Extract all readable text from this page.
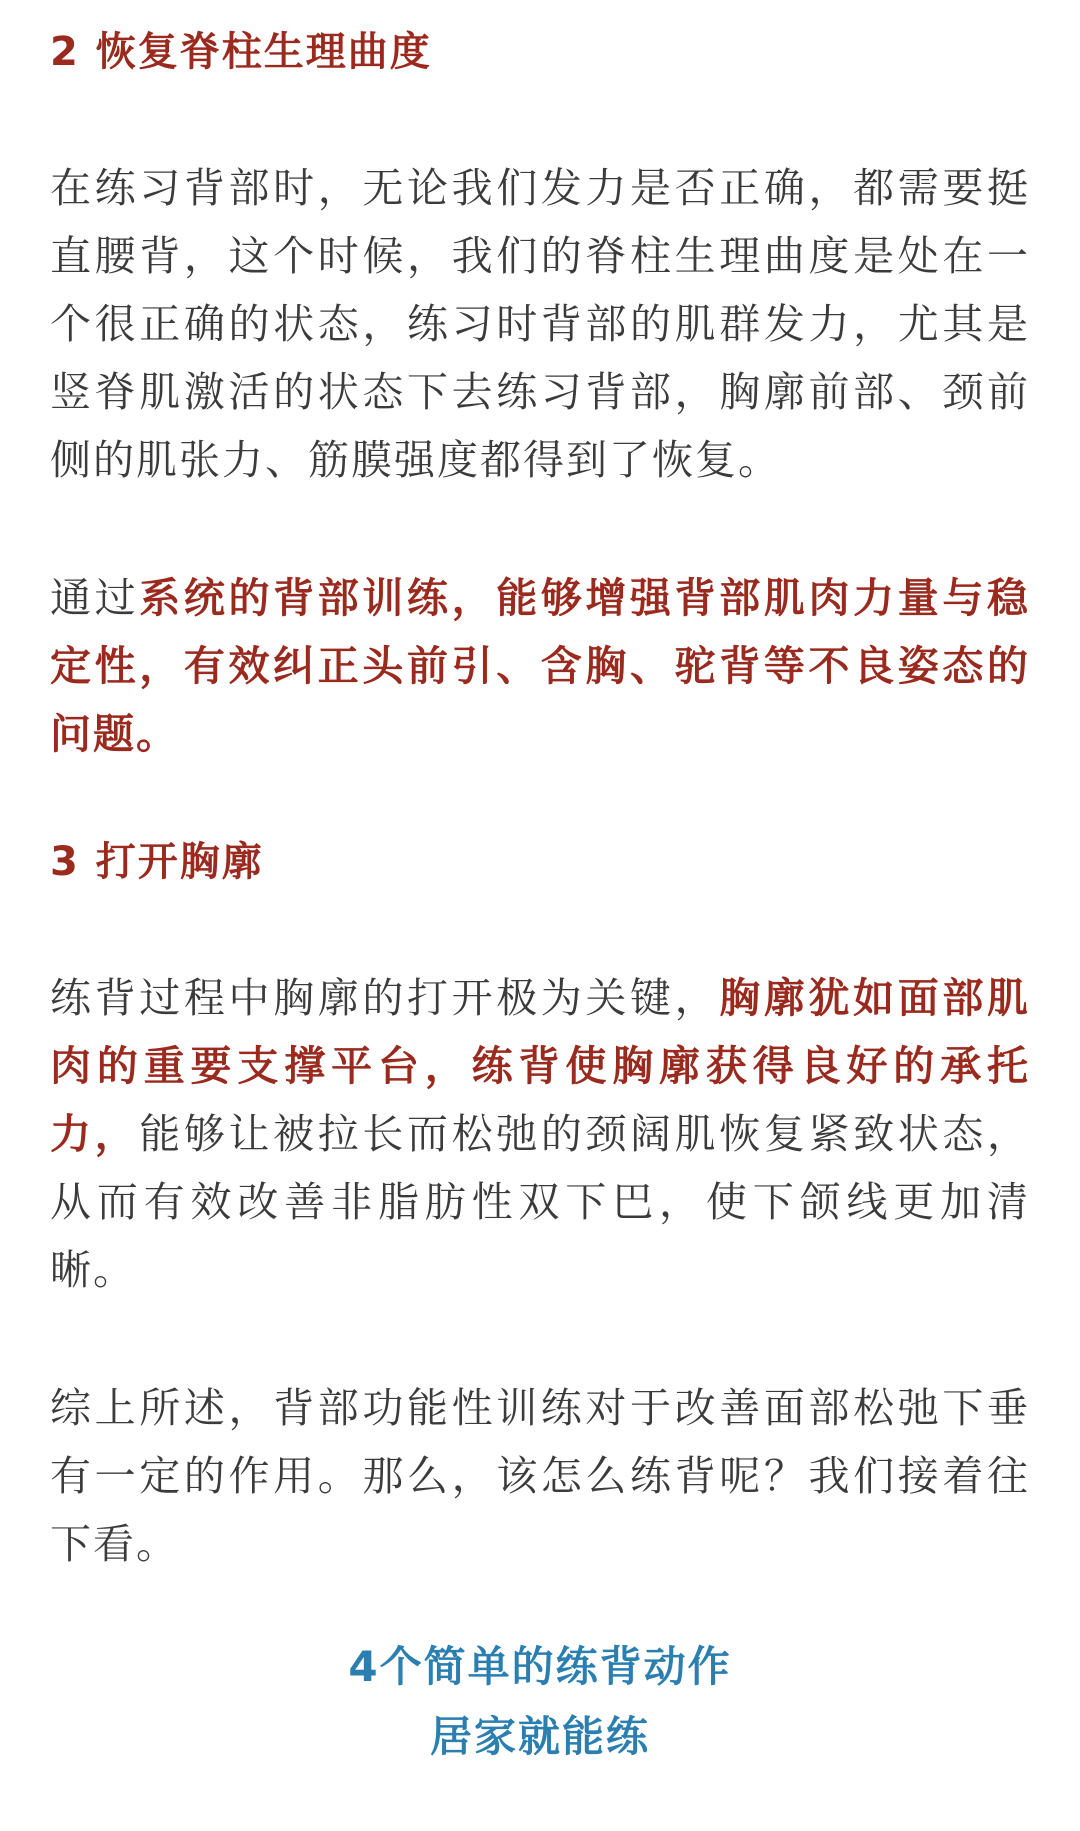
2 恢复脊柱生理曲度

在练习背部时，无论我们发力是否正确，都需要挺直腰背，这个时候，我们的脊柱生理曲度是处在一个很正确的状态，练习时背部的肌群发力，尤其是竖脊肌激活的状态下去练习背部，胸廓前部、颈前侧的肌张力、筋膜强度都得到了恢复。

通过系统的背部训练，能够增强背部肌肉力量与稳定性，有效纠正头前引、含胸、驼背等不良姿态的问题。

3 打开胸廓

练背过程中胸廓的打开极为关键，胸廓犹如面部肌肉的重要支撑平台，练背使胸廓获得良好的承托力，能够让被拉长而松弛的颈阔肌恢复紧致状态，从而有效改善非脂肪性双下巴，使下颌线更加清晰。

综上所述，背部功能性训练对于改善面部松弛下垂有一定的作用。那么，该怎么练背呢？我们接着往下看。

4个简单的练背动作

居家就能练
